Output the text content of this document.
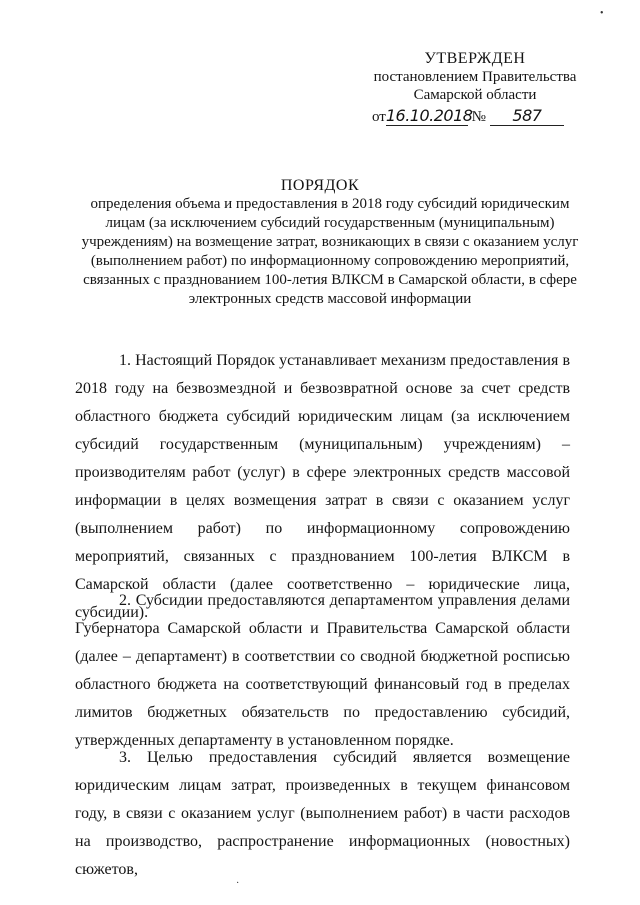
•
УТВЕРЖДЕН
постановлением Правительства
Самарской области
от16.10.2018 № 587
ПОРЯДОК

определения объема и предоставления в 2018 году субсидий юридическим лицам (за исключением субсидий государственным (муниципальным) учреждениям) на возмещение затрат, возникающих в связи с оказанием услуг (выполнением работ) по информационному сопровождению мероприятий, связанных с празднованием 100-летия ВЛКСМ в Самарской области, в сфере электронных средств массовой информации

1. Настоящий Порядок устанавливает механизм предоставления в 2018 году на безвозмездной и безвозвратной основе за счет средств областного бюджета субсидий юридическим лицам (за исключением субсидий государственным (муниципальным) учреждениям) – производителям работ (услуг) в сфере электронных средств массовой информации в целях возмещения затрат в связи с оказанием услуг (выполнением работ) по информационному сопровождению мероприятий, связанных с празднованием 100-летия ВЛКСМ в Самарской области (далее соответственно – юридические лица, субсидии).

2. Субсидии предоставляются департаментом управления делами Губернатора Самарской области и Правительства Самарской области (далее – департамент) в соответствии со сводной бюджетной росписью областного бюджета на соответствующий финансовый год в пределах лимитов бюджетных обязательств по предоставлению субсидий, утвержденных департаменту в установленном порядке.

3. Целью предоставления субсидий является возмещение юридическим лицам затрат, произведенных в текущем финансовом году, в связи с оказанием услуг (выполнением работ) в части расходов на производство, распространение информационных (новостных) сюжетов,

·
